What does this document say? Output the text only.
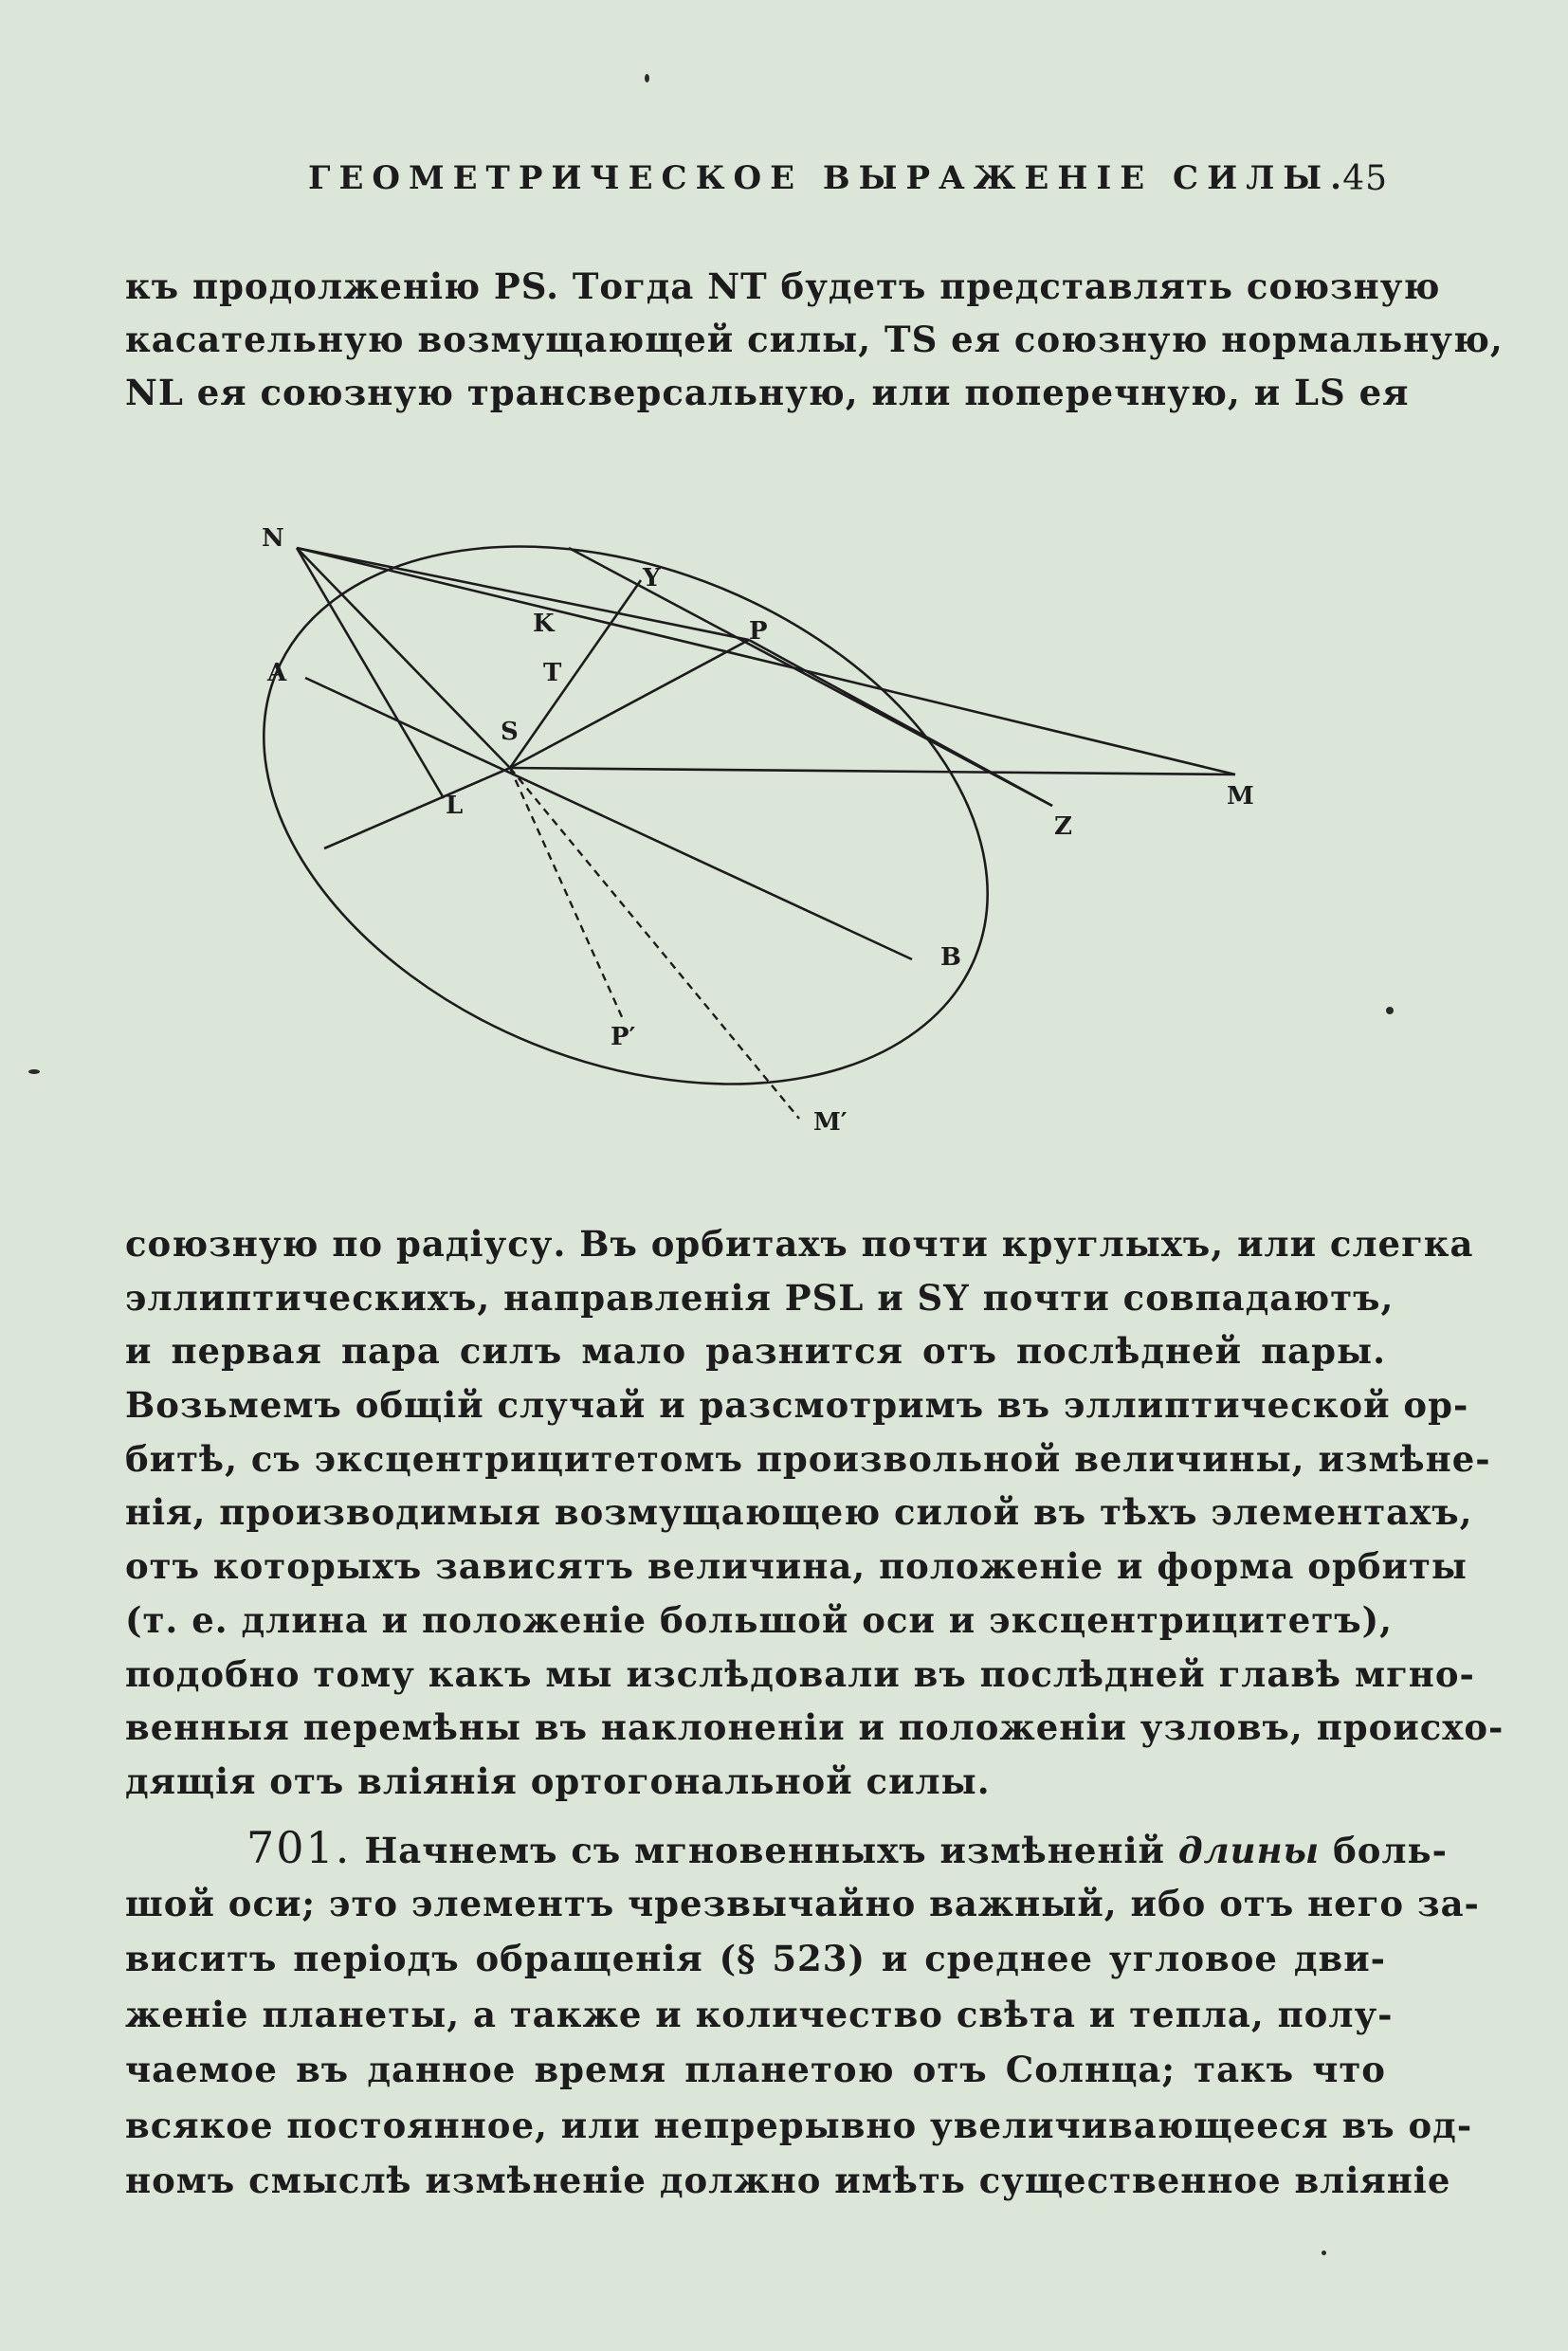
ГЕОМЕТРИЧЕСКОЕ ВЫРАЖЕНІЕ СИЛЫ.
45
къ продолженію PS. Тогда NT будетъ представлять союзную
касательную возмущающей силы, TS ея союзную нормальную,
NL ея союзную трансверсальную, или поперечную, и LS ея
N
Y
K	P
A	T
S
L	M
Z
B
P′
M′
союзную по радіусу. Въ орбитахъ почти круглыхъ, или слегка
эллиптическихъ, направленія PSL и SY почти совпадаютъ,
и первая пара силъ мало разнится отъ послѣдней пары.
Возьмемъ общій случай и разсмотримъ въ эллиптической ор-
битѣ, съ эксцентрицитетомъ произвольной величины, измѣне-
нія, производимыя возмущающею силой въ тѣхъ элементахъ,
отъ которыхъ зависятъ величина, положеніе и форма орбиты
(т. е. длина и положеніе большой оси и эксцентрицитетъ),
подобно тому какъ мы изслѣдовали въ послѣдней главѣ мгно-
венныя перемѣны въ наклоненіи и положеніи узловъ, происхо-
дящія отъ вліянія ортогональной силы.
701. Начнемъ съ мгновенныхъ измѣненій длины боль-
шой оси; это элементъ чрезвычайно важный, ибо отъ него за-
виситъ періодъ обращенія (§ 523) и среднее угловое дви-
женіе планеты, а также и количество свѣта и тепла, полу-
чаемое въ данное время планетою отъ Солнца; такъ что
всякое постоянное, или непрерывно увеличивающееся въ од-
номъ смыслѣ измѣненіе должно имѣть существенное вліяніе
